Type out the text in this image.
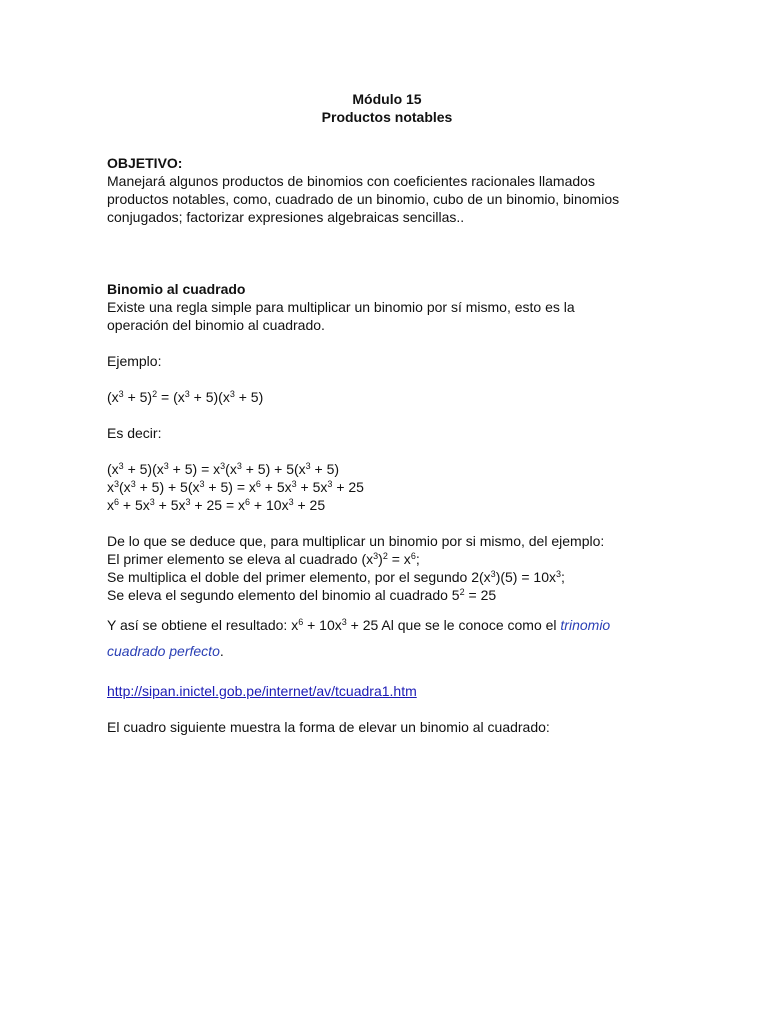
Módulo 15
Productos notables
OBJETIVO:
Manejará algunos productos de binomios con coeficientes racionales llamados
productos notables, como, cuadrado de un binomio, cubo de un binomio, binomios
conjugados; factorizar expresiones algebraicas sencillas..
Binomio al cuadrado
Existe una regla simple para multiplicar un binomio por sí mismo, esto es la
operación del binomio al cuadrado.
Ejemplo:
$(x^3 + 5)^2 = (x^3 + 5)(x^3 + 5)$
Es decir:
$(x^3 + 5)(x^3 + 5) = x^3(x^3 + 5) + 5(x^3 + 5)$
$x^3(x^3 + 5) + 5(x^3 + 5) = x^6 + 5x^3 + 5x^3 + 25$
$x^6 + 5x^3 + 5x^3 + 25 = x^6 + 10x^3 + 25$
De lo que se deduce que, para multiplicar un binomio por si mismo, del ejemplo:
El primer elemento se eleva al cuadrado $(x^3)^2 = x^6$;
Se multiplica el doble del primer elemento, por el segundo $2(x^3)(5) = 10x^3$;
Se eleva el segundo elemento del binomio al cuadrado $5^2 = 25$
Y así se obtiene el resultado: $x^6 + 10x^3 + 25$ Al que se le conoce como el trinomio
cuadrado perfecto.
http://sipan.inictel.gob.pe/internet/av/tcuadra1.htm
El cuadro siguiente muestra la forma de elevar un binomio al cuadrado:
